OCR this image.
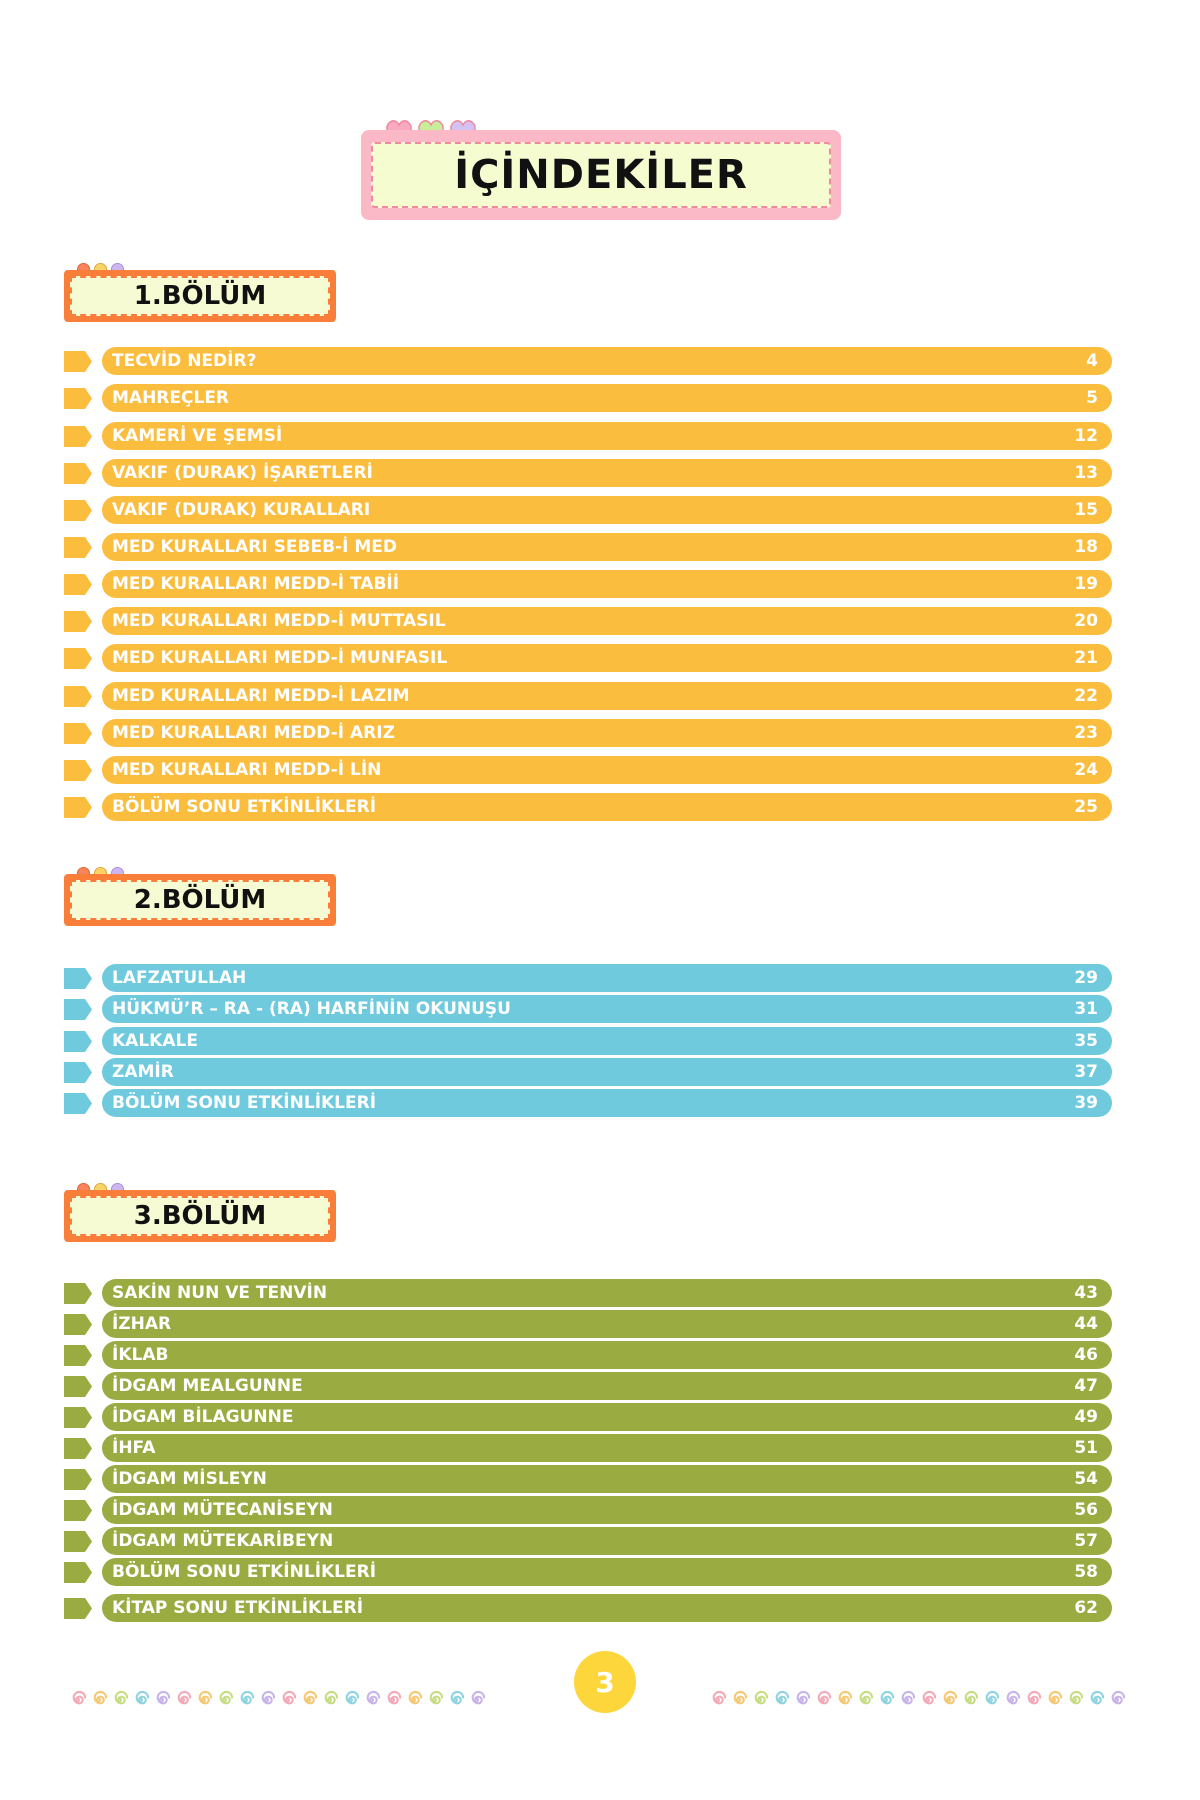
İÇİNDEKİLER
1.BÖLÜM
TECVİD NEDİR?	4
MAHREÇLER	5
KAMERİ VE ŞEMSİ	12
VAKIF (DURAK) İŞARETLERİ	13
VAKIF (DURAK) KURALLARI	15
MED KURALLARI SEBEB-İ MED	18
MED KURALLARI MEDD-İ TABİİ	19
MED KURALLARI MEDD-İ MUTTASIL	20
MED KURALLARI MEDD-İ MUNFASIL	21
MED KURALLARI MEDD-İ LAZIM	22
MED KURALLARI MEDD-İ ARIZ	23
MED KURALLARI MEDD-İ LİN	24
BÖLÜM SONU ETKİNLİKLERİ	25
2.BÖLÜM
LAFZATULLAH	29
HÜKMÜ’R – RA - (RA) HARFİNİN OKUNUŞU	31
KALKALE	35
ZAMİR	37
BÖLÜM SONU ETKİNLİKLERİ	39
3.BÖLÜM
SAKİN NUN VE TENVİN	43
İZHAR	44
İKLAB	46
İDGAM MEALGUNNE	47
İDGAM BİLAGUNNE	49
İHFA	51
İDGAM MİSLEYN	54
İDGAM MÜTECANİSEYN	56
İDGAM MÜTEKARİBEYN	57
BÖLÜM SONU ETKİNLİKLERİ	58
KİTAP SONU ETKİNLİKLERİ	62
3
